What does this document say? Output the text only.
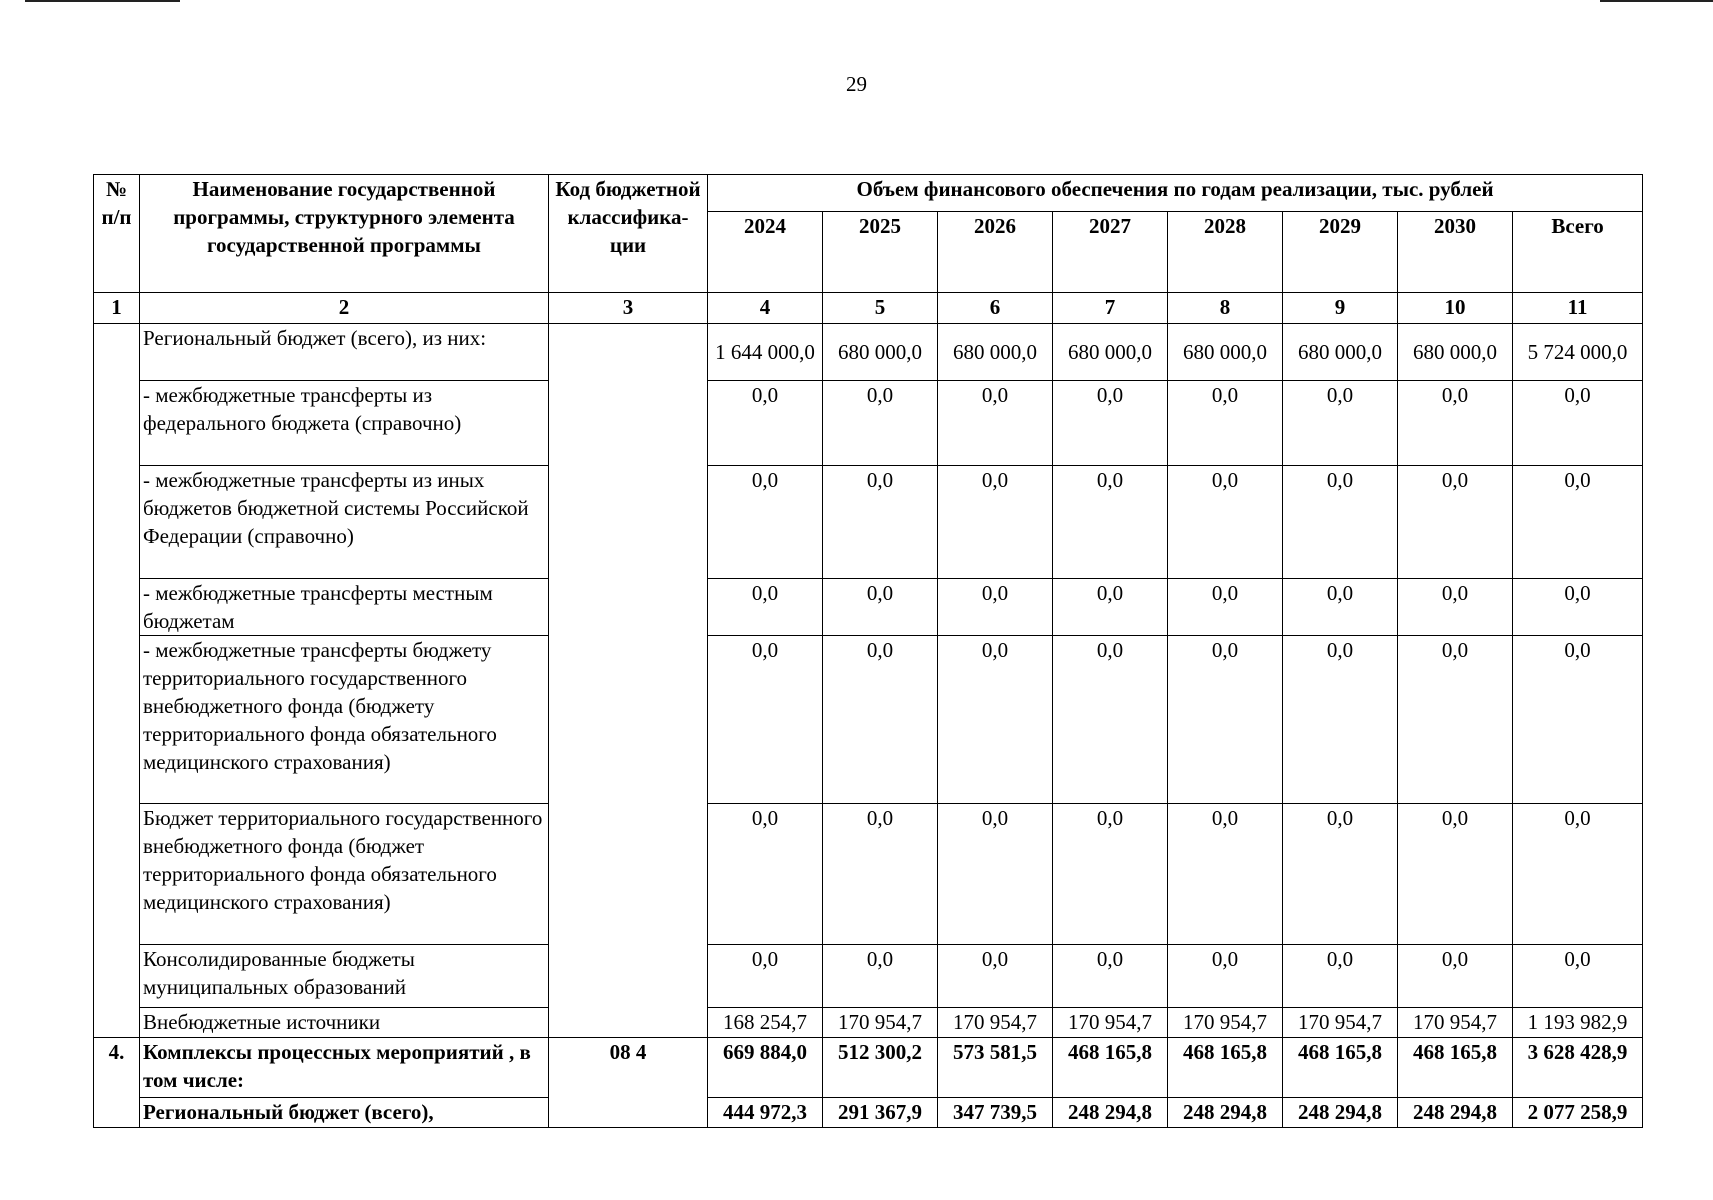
29
№ п/п	Наименование государственной программы, структурного элемента государственной программы	Код бюджетной классифика-ции	Объем финансового обеспечения по годам реализации, тыс. рублей							
			2024	2025	2026	2027	2028	2029	2030	Всего
1	2	3	4	5	6	7	8	9	10	11
	Региональный бюджет (всего), из них:		1 644 000,0	680 000,0	680 000,0	680 000,0	680 000,0	680 000,0	680 000,0	5 724 000,0
	- межбюджетные трансферты из федерального бюджета (справочно)		0,0	0,0	0,0	0,0	0,0	0,0	0,0	0,0
	- межбюджетные трансферты из иных бюджетов бюджетной системы Российской Федерации (справочно)		0,0	0,0	0,0	0,0	0,0	0,0	0,0	0,0
	- межбюджетные трансферты местным бюджетам		0,0	0,0	0,0	0,0	0,0	0,0	0,0	0,0
	- межбюджетные трансферты бюджету территориального государственного внебюджетного фонда (бюджету территориального фонда обязательного медицинского страхования)		0,0	0,0	0,0	0,0	0,0	0,0	0,0	0,0
	Бюджет территориального государственного внебюджетного фонда (бюджет территориального фонда обязательного медицинского страхования)		0,0	0,0	0,0	0,0	0,0	0,0	0,0	0,0
	Консолидированные бюджеты муниципальных образований		0,0	0,0	0,0	0,0	0,0	0,0	0,0	0,0
	Внебюджетные источники		168 254,7	170 954,7	170 954,7	170 954,7	170 954,7	170 954,7	170 954,7	1 193 982,9
4.	Комплексы процессных мероприятий , в том числе:	08 4	669 884,0	512 300,2	573 581,5	468 165,8	468 165,8	468 165,8	468 165,8	3 628 428,9
	Региональный бюджет (всего),		444 972,3	291 367,9	347 739,5	248 294,8	248 294,8	248 294,8	248 294,8	2 077 258,9
